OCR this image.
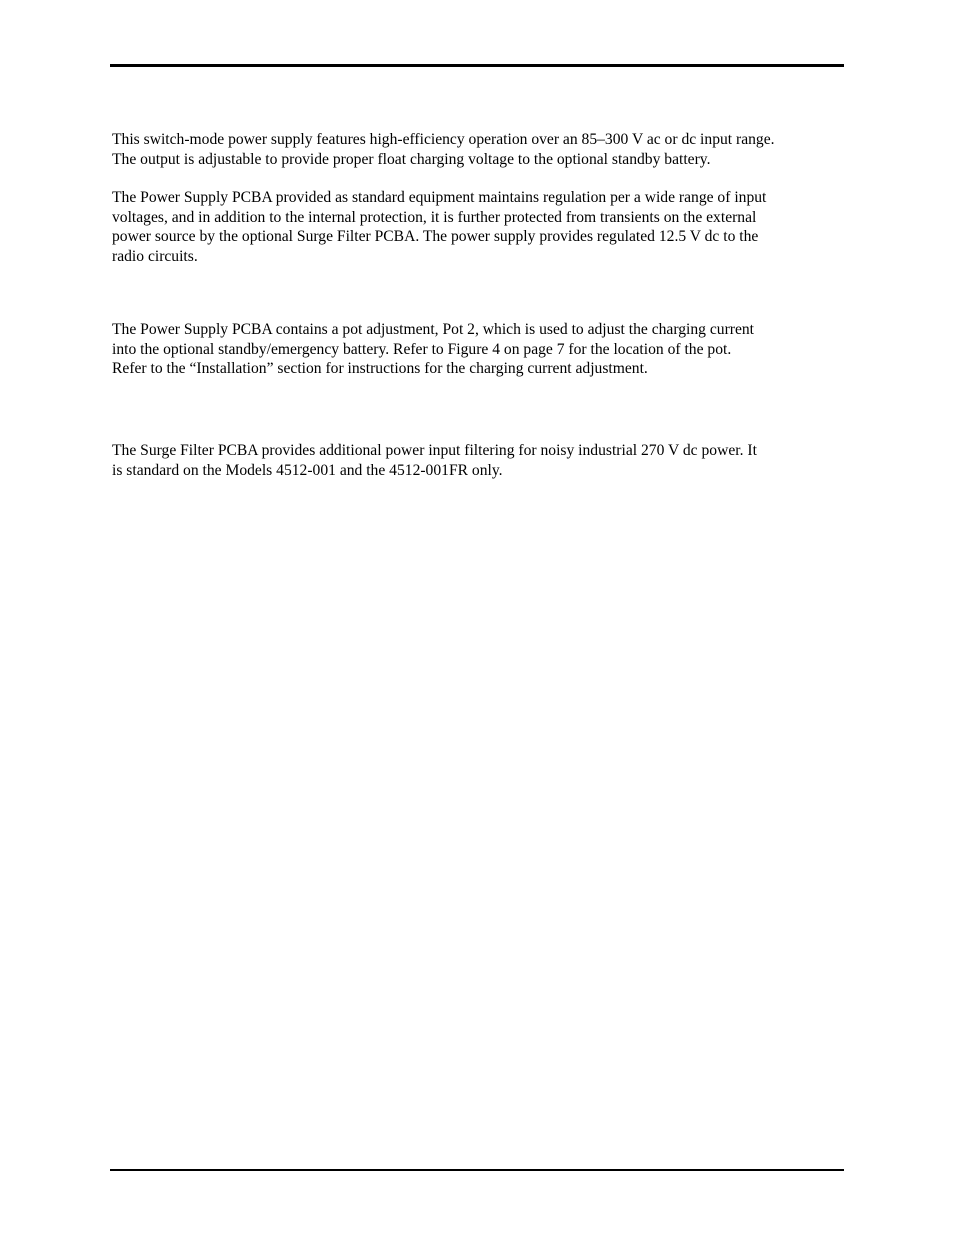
This switch-mode power supply features high-efficiency operation over an 85–300 V ac or dc input range.
The output is adjustable to provide proper float charging voltage to the optional standby battery.
The Power Supply PCBA provided as standard equipment maintains regulation per a wide range of input
voltages, and in addition to the internal protection, it is further protected from transients on the external
power source by the optional Surge Filter PCBA. The power supply provides regulated 12.5 V dc to the
radio circuits.
The Power Supply PCBA contains a pot adjustment, Pot 2, which is used to adjust the charging current
into the optional standby/emergency battery. Refer to Figure 4 on page 7 for the location of the pot.
Refer to the “Installation” section for instructions for the charging current adjustment.
The Surge Filter PCBA provides additional power input filtering for noisy industrial 270 V dc power. It
is standard on the Models 4512-001 and the 4512-001FR only.
